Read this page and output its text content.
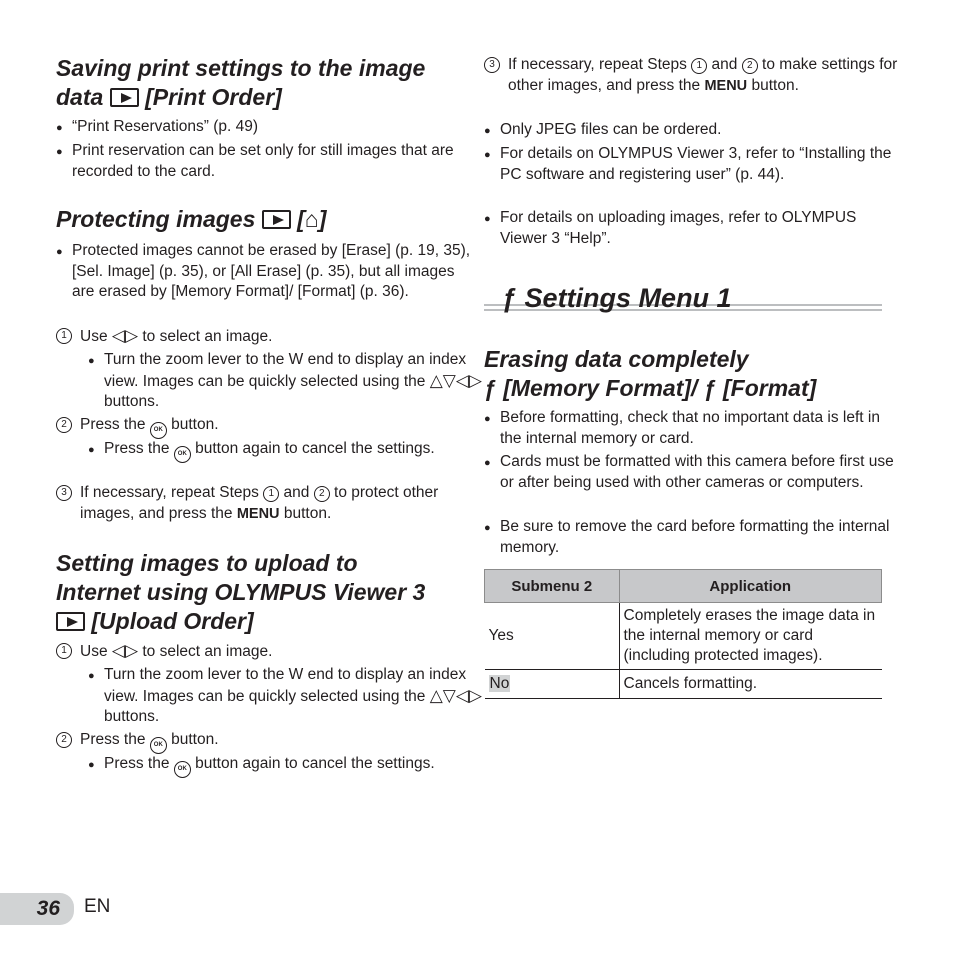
Saving print settings to the image
data [Print Order]
● “Print Reservations” (p. 49)
● Print reservation can be set only for still images that are recorded to the card.
Protecting images [⌂]
● Protected images cannot be erased by [Erase] (p. 19, 35), [Sel. Image] (p. 35), or [All Erase] (p. 35), but all images are erased by [Memory Format]/ [Format] (p. 36).
1 Use ◁▷ to select an image.
● Turn the zoom lever to the W end to display an index view. Images can be quickly selected using the △▽◁▷ buttons.
2 Press the OK button.
● Press the OK button again to cancel the settings.
3 If necessary, repeat Steps 1 and 2 to protect other images, and press the MENU button.
Setting images to upload to
Internet using OLYMPUS Viewer 3
[Upload Order]
1 Use ◁▷ to select an image.
● Turn the zoom lever to the W end to display an index view. Images can be quickly selected using the △▽◁▷ buttons.
2 Press the OK button.
● Press the OK button again to cancel the settings.
3 If necessary, repeat Steps 1 and 2 to make settings for other images, and press the MENU button.
● Only JPEG files can be ordered.
● For details on OLYMPUS Viewer 3, refer to “Installing the PC software and registering user” (p. 44).
● For details on uploading images, refer to OLYMPUS Viewer 3 “Help”.
ƒ Settings Menu 1
Erasing data completely
ƒ [Memory Format]/ ƒ [Format]
● Before formatting, check that no important data is left in the internal memory or card.
● Cards must be formatted with this camera before first use or after being used with other cameras or computers.
● Be sure to remove the card before formatting the internal memory.
Submenu 2	Application
Yes	Completely erases the image data in the internal memory or card (including protected images).
No	Cancels formatting.
36	EN
